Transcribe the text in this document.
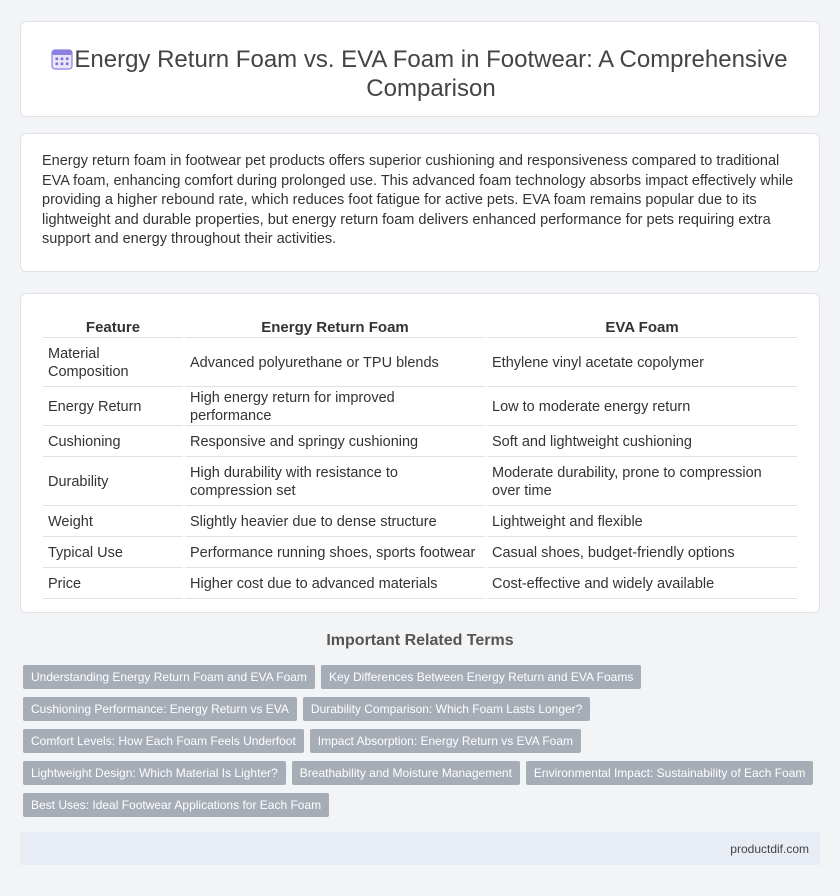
Energy Return Foam vs. EVA Foam in Footwear: A Comprehensive Comparison

Energy return foam in footwear pet products offers superior cushioning and responsiveness compared to traditional EVA foam, enhancing comfort during prolonged use. This advanced foam technology absorbs impact effectively while providing a higher rebound rate, which reduces foot fatigue for active pets. EVA foam remains popular due to its lightweight and durable properties, but energy return foam delivers enhanced performance for pets requiring extra support and energy throughout their activities.

Feature	Energy Return Foam	EVA Foam
Material Composition	Advanced polyurethane or TPU blends	Ethylene vinyl acetate copolymer
Energy Return	High energy return for improved performance	Low to moderate energy return
Cushioning	Responsive and springy cushioning	Soft and lightweight cushioning
Durability	High durability with resistance to compression set	Moderate durability, prone to compression over time
Weight	Slightly heavier due to dense structure	Lightweight and flexible
Typical Use	Performance running shoes, sports footwear	Casual shoes, budget-friendly options
Price	Higher cost due to advanced materials	Cost-effective and widely available
Important Related Terms
Understanding Energy Return Foam and EVA Foam Key Differences Between Energy Return and EVA Foams
Cushioning Performance: Energy Return vs EVA Durability Comparison: Which Foam Lasts Longer?
Comfort Levels: How Each Foam Feels Underfoot Impact Absorption: Energy Return vs EVA Foam
Lightweight Design: Which Material Is Lighter? Breathability and Moisture Management Environmental Impact: Sustainability of Each Foam
Best Uses: Ideal Footwear Applications for Each Foam
productdif.com
